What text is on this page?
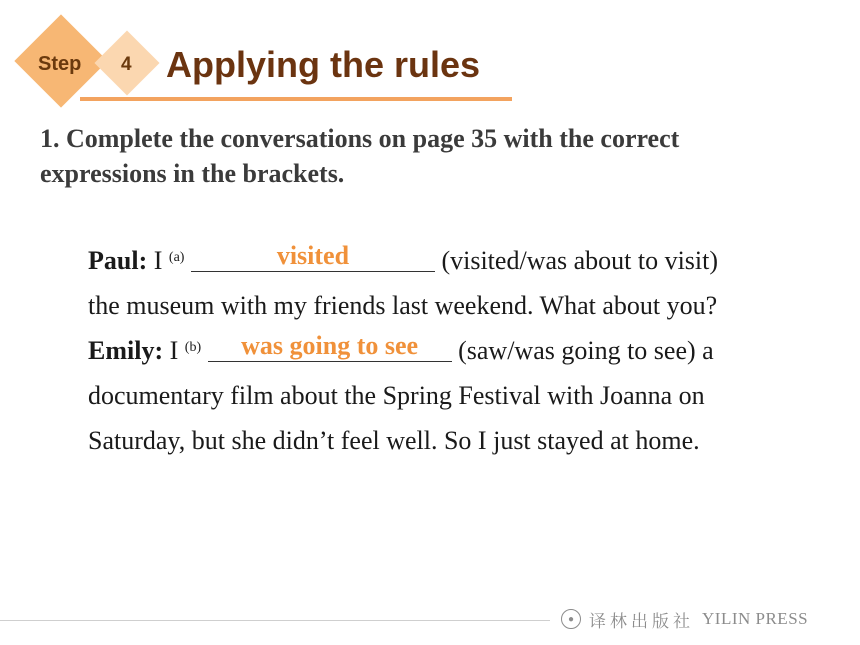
Step 4 Applying the rules
1. Complete the conversations on page 35 with the correct expressions in the brackets.

Paul: I $^{(a)}$	visited	(visited/was about to visit) the museum with my friends last weekend. What about you?

Emily: I $^{(b)}$	was going to see	(saw/was going to see) a documentary film about the Spring Festival with Joanna on Saturday, but she didn’t feel well. So I just stayed at home.

● 译林出版社 YILIN PRESS
